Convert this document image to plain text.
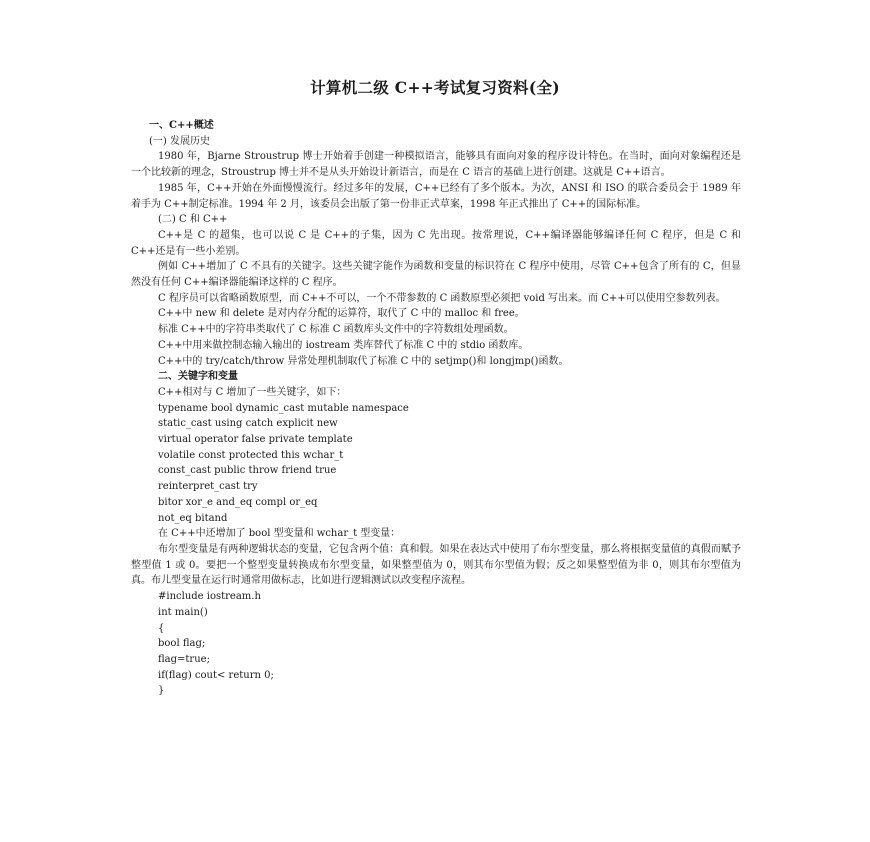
计算机二级 C++考试复习资料(全)

一、C++概述

(一) 发展历史

1980 年，Bjarne Stroustrup 博士开始着手创建一种模拟语言，能够具有面向对象的程序设计特色。在当时，面向对象编程还是一个比较新的理念，Stroustrup 博士并不是从头开始设计新语言，而是在 C 语言的基础上进行创建。这就是 C++语言。

1985 年，C++开始在外面慢慢流行。经过多年的发展，C++已经有了多个版本。为次，ANSI 和 ISO 的联合委员会于 1989 年着手为 C++制定标准。1994 年 2 月，该委员会出版了第一份非正式草案，1998 年正式推出了 C++的国际标准。

(二) C 和 C++

C++是 C 的超集，也可以说 C 是 C++的子集，因为 C 先出现。按常理说，C++编译器能够编译任何 C 程序，但是 C 和 C++还是有一些小差别。

例如 C++增加了 C 不具有的关键字。这些关键字能作为函数和变量的标识符在 C 程序中使用，尽管 C++包含了所有的 C，但显然没有任何 C++编译器能编译这样的 C 程序。

C 程序员可以省略函数原型，而 C++不可以，一个不带参数的 C 函数原型必须把 void 写出来。而 C++可以使用空参数列表。

C++中 new 和 delete 是对内存分配的运算符，取代了 C 中的 malloc 和 free。

标准 C++中的字符串类取代了 C 标准 C 函数库头文件中的字符数组处理函数。

C++中用来做控制态输入输出的 iostream 类库替代了标准 C 中的 stdio 函数库。

C++中的 try/catch/throw 异常处理机制取代了标准 C 中的 setjmp()和 longjmp()函数。

二、关键字和变量

C++相对与 C 增加了一些关键字，如下：

typename bool dynamic_cast mutable namespace

static_cast using catch explicit new

virtual operator false private template

volatile const protected this wchar_t

const_cast public throw friend true

reinterpret_cast try

bitor xor_e and_eq compl or_eq

not_eq bitand

在 C++中还增加了 bool 型变量和 wchar_t 型变量：

布尔型变量是有两种逻辑状态的变量，它包含两个值：真和假。如果在表达式中使用了布尔型变量，那么将根据变量值的真假而赋予整型值 1 或 0。要把一个整型变量转换成布尔型变量，如果整型值为 0，则其布尔型值为假；反之如果整型值为非 0，则其布尔型值为真。布儿型变量在运行时通常用做标志，比如进行逻辑测试以改变程序流程。

#include iostream.h

int main()

{

bool flag;

flag=true;

if(flag) cout< return 0;

}
